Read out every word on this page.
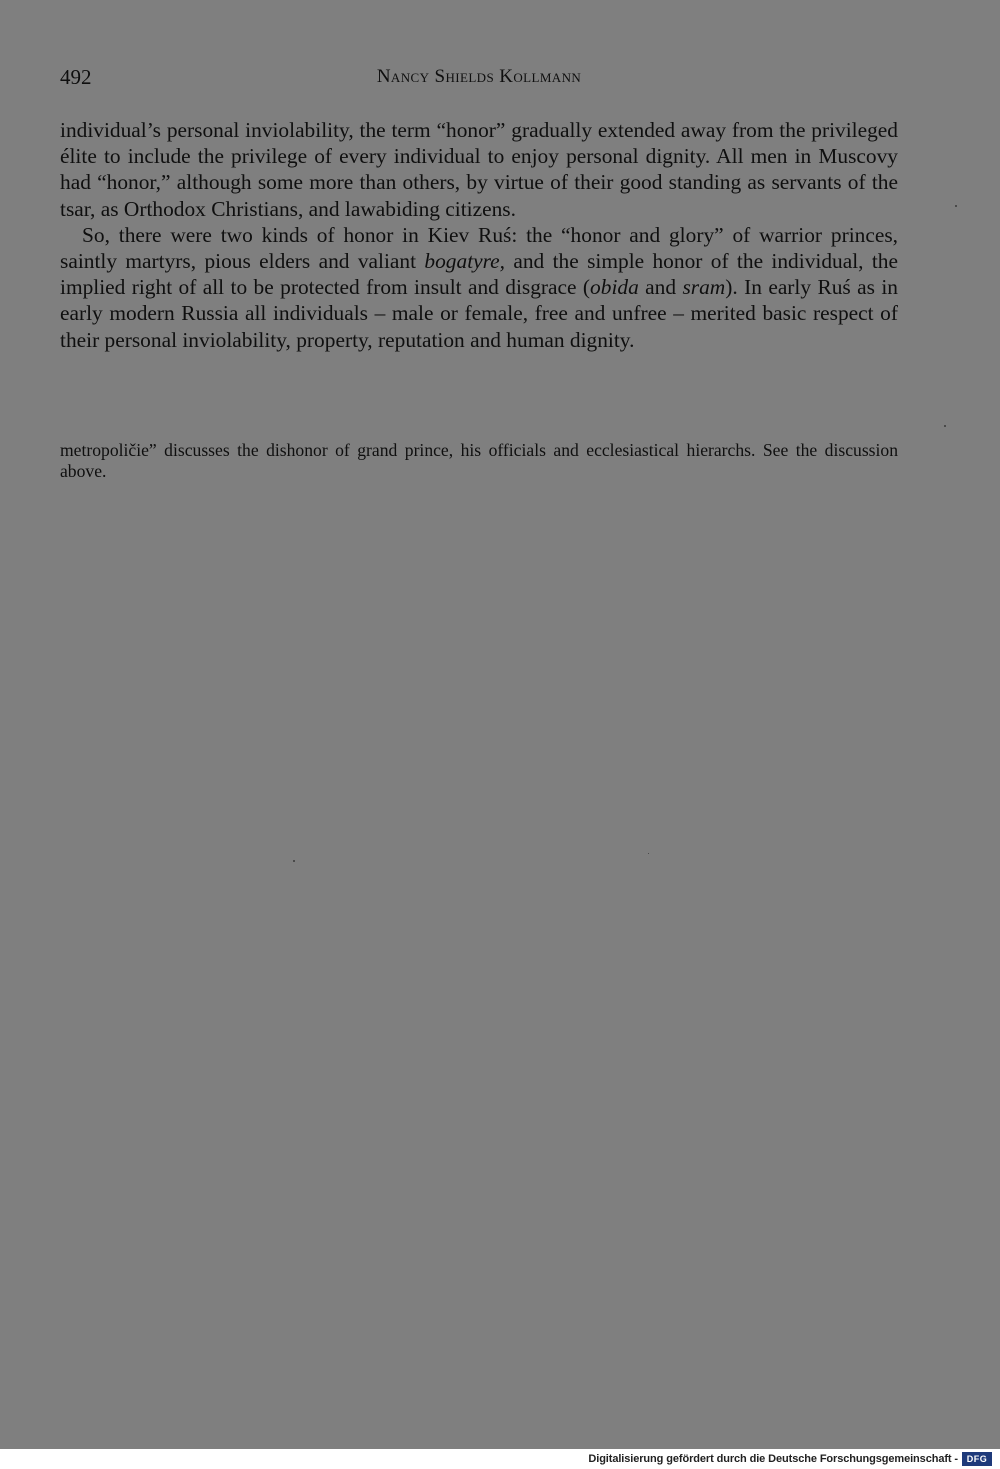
492	Nancy Shields Kollmann

individual’s personal inviolability, the term “honor” gradually extended away from the privileged élite to include the privilege of every individual to enjoy personal dignity. All men in Muscovy had “honor,” although some more than others, by virtue of their good standing as servants of the tsar, as Orthodox Christians, and lawabiding citizens.

So, there were two kinds of honor in Kiev Ruś: the “honor and glory” of warrior princes, saintly martyrs, pious elders and valiant bogatyre, and the simple honor of the individual, the implied right of all to be protected from insult and disgrace (obida and sram). In early Ruś as in early modern Russia all individuals – male or female, free and unfree – merited basic respect of their personal inviolability, property, reputation and human dignity.

metropoličie” discusses the dishonor of grand prince, his officials and ecclesiastical hierarchs. See the discussion above.

Digitalisierung gefördert durch die Deutsche Forschungsgemeinschaft - DFG
